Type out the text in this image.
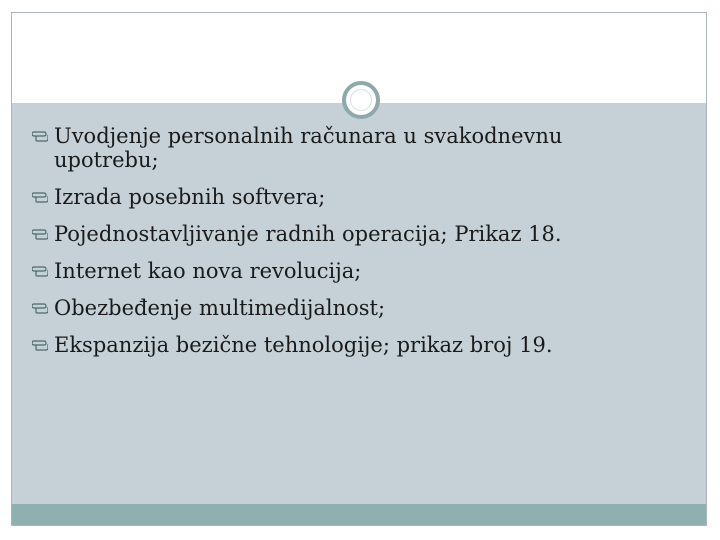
Uvodjenje personalnih računara u svakodnevnu upotrebu;
Izrada posebnih softvera;
Pojednostavljivanje radnih operacija; Prikaz 18.
Internet kao nova revolucija;
Obezbeđenje multimedijalnost;
Ekspanzija bezične tehnologije; prikaz broj 19.
